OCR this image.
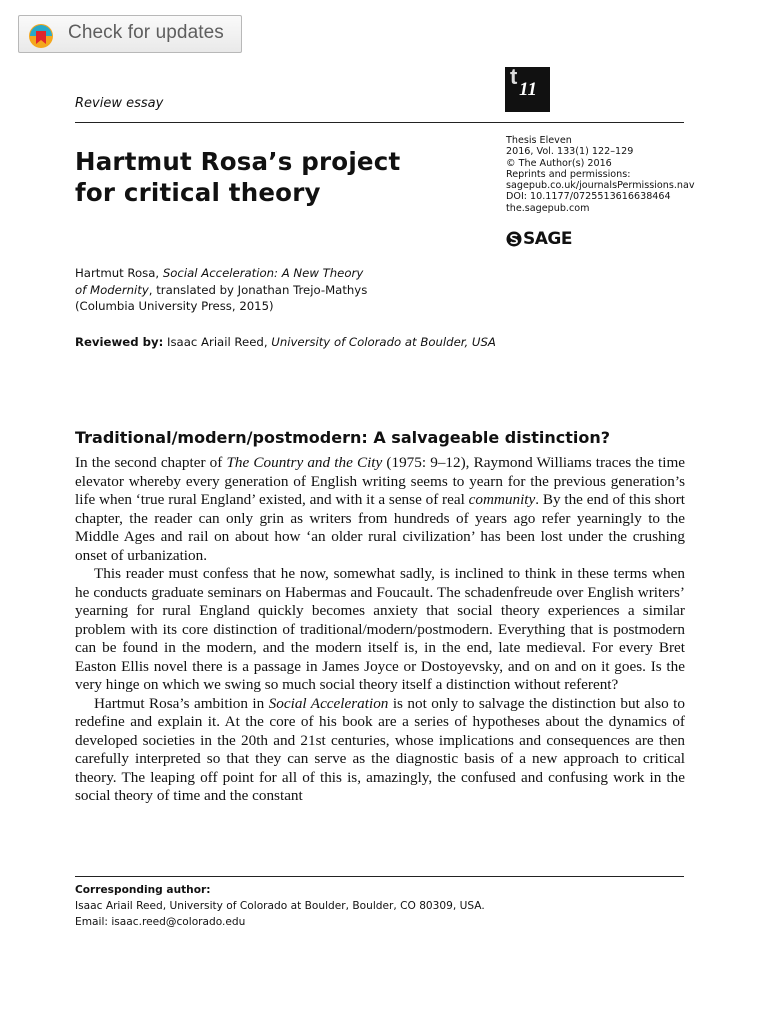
Check for updates
t
11
Review essay
Hartmut Rosa’s project
for critical theory
Thesis Eleven
2016, Vol. 133(1) 122–129
© The Author(s) 2016
Reprints and permissions:
sagepub.co.uk/journalsPermissions.nav
DOI: 10.1177/0725513616638464
the.sagepub.com
SAGE
Hartmut Rosa, Social Acceleration: A New Theory
of Modernity, translated by Jonathan Trejo-Mathys
(Columbia University Press, 2015)
Reviewed by: Isaac Ariail Reed, University of Colorado at Boulder, USA
Traditional/modern/postmodern: A salvageable distinction?

In the second chapter of The Country and the City (1975: 9–12), Raymond Williams traces the time elevator whereby every generation of English writing seems to yearn for the previous generation’s life when ‘true rural England’ existed, and with it a sense of real community. By the end of this short chapter, the reader can only grin as writers from hundreds of years ago refer yearningly to the Middle Ages and rail on about how ‘an older rural civilization’ has been lost under the crushing onset of urbanization.

This reader must confess that he now, somewhat sadly, is inclined to think in these terms when he conducts graduate seminars on Habermas and Foucault. The schadenfreude over English writers’ yearning for rural England quickly becomes anxiety that social theory experiences a similar problem with its core distinction of traditional/modern/postmodern. Everything that is postmodern can be found in the modern, and the modern itself is, in the end, late medieval. For every Bret Easton Ellis novel there is a passage in James Joyce or Dostoyevsky, and on and on it goes. Is the very hinge on which we swing so much social theory itself a distinction without referent?

Hartmut Rosa’s ambition in Social Acceleration is not only to salvage the distinction but also to redefine and explain it. At the core of his book are a series of hypotheses about the dynamics of developed societies in the 20th and 21st centuries, whose implications and consequences are then carefully interpreted so that they can serve as the diagnostic basis of a new approach to critical theory. The leaping off point for all of this is, amazingly, the confused and confusing work in the social theory of time and the constant

Corresponding author:
Isaac Ariail Reed, University of Colorado at Boulder, Boulder, CO 80309, USA.
Email: isaac.reed@colorado.edu
